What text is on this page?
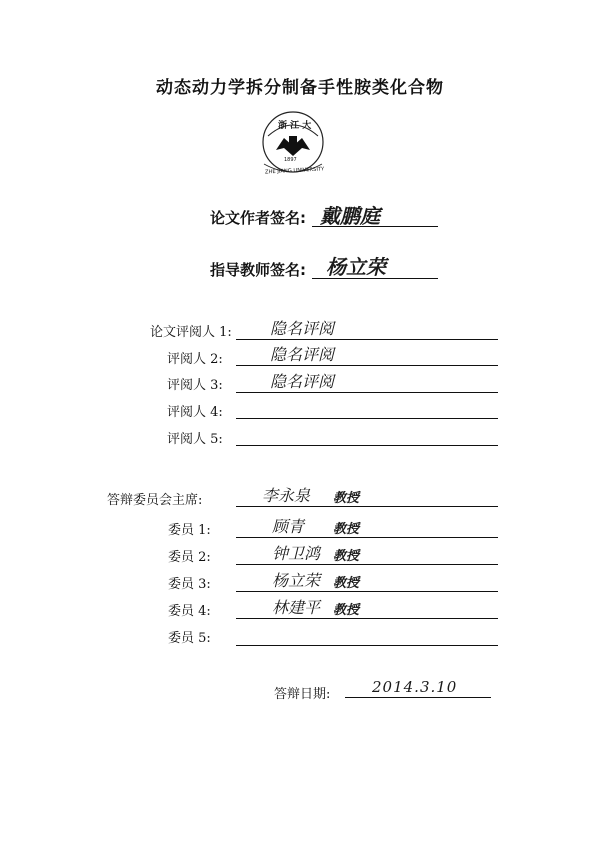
动态动力学拆分制备手性胺类化合物
浙 江 大
1897
ZHE JIANG UNIVERSITY
论文作者签名: 戴鹏庭
指导教师签名: 杨立荣
论文评阅人 1: 隐名评阅
评阅人 2:	隐名评阅
评阅人 3:	隐名评阅
评阅人 4:
评阅人 5:
答辩委员会主席:	李永泉 教授
委员 1:	顾青 教授
委员 2:	钟卫鸿 教授
委员 3:	杨立荣 教授
委员 4:	林建平 教授
委员 5:
答辩日期:	2014.3.10
